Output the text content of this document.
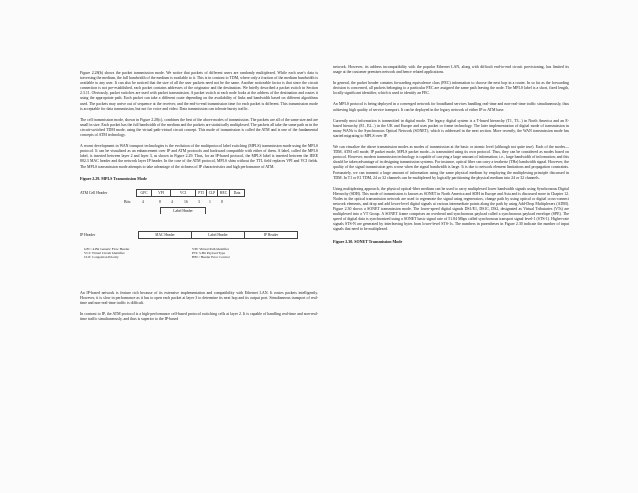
Figure 2.28(b) shows the packet transmission mode. We notice that packets of different users are randomly multiplexed. While each user's data is traversing the medium, the full bandwidth of the medium is available to it. This is in contrast to TDM, where only a fraction of the medium bandwidth is available to any user. It can also be noticed that the size of all the user packets need not be the same. Another noticeable factor is that since the circuit connection is not pre-established, each packet contains addresses of the originator and the destination. We briefly described a packet switch in Section 2.3.11. Obviously, packet switches are used with packet transmission. A packet switch at each node looks at the address of the destination and routes it using the appropriate path. Each packet can take a different route depending on the availability of links and bandwidth based on different algorithms used. The packets may arrive out of sequence at the receiver, and the end-to-end transmission time for each packet is different. This transmission mode is acceptable for data transmission, but not for voice and video. Data transmission can tolerate bursty traffic.

The cell transmission mode, shown in Figure 2.28(c), combines the best of the above modes of transmission. The packets are all of the same size and are small in size. Each packet has the full bandwidth of the medium and the packets are statistically multiplexed. The packets all take the same path as in the circuit-switched TDM mode, using the virtual path-virtual circuit concept. This mode of transmission is called the ATM and is one of the fundamental concepts of ATM technology.

A recent development in WAN transport technologies is the evolution of the multiprotocol label switching (MPLS) transmission mode using the MPLS protocol. It can be visualized as an enhancement over IP and ATM protocols and backward compatible with either of them. A label, called the MPLS label, is inserted between layer 2 and layer 3, as shown in Figure 2.29. Thus, for an IP-based protocol, the MPLS label is inserted between the IEEE 802.3 MAC header and the network layer IP header. In the case of the ATM protocol, MPLS shim without the TTL field replaces VPI and VCI fields. The MPLS transmission mode attempts to take advantage of the richness of IP characteristics and high performance of ATM.

Figure 2.29. MPLS Transmission Mode
ATM Cell Header	GFC	VPI	VCI	PTI	CLP	HEC	Data
Bits:	4	8	4	16	3 1	8
Label Header
IP Header	MAC Header	Label Header	IP Header
GFC: 4-Bit Generic Flow Header
VCI: Virtual Circuit Identifier
CLP: Congestion Priority
VPI: Virtual Path Identifier
PTI: 3-Bit Payload Type
HEC: Header Error Control

An IP-based network is feature rich because of its extensive implementation and compatibility with Ethernet LAN. It routes packets intelligently. However, it is slow in performance as it has to open each packet at layer 3 to determine its next hop and its output port. Simultaneous transport of real-time and non-real-time traffic is difficult.

In contrast to IP, the ATM protocol is a high-performance cell-based protocol switching cells at layer 2. It is capable of handling real-time and non-real-time traffic simultaneously, and thus is superior to the IP-based

network. However, its address incompatibility with the popular Ethernet LAN, along with difficult end-to-end circuit provisioning, has limited its usage at the customer premises network and hence related applications.

In general, the packet header contains forwarding equivalence class (FEC) information to choose the next hop in a router. In so far as the forwarding decision is concerned, all packets belonging to a particular FEC are assigned the same path leaving the node. The MPLS label is a short, fixed length, locally significant identifier, which is used to identify an FEC.

An MPLS protocol is being deployed in a converged network for broadband services handling real-time and non-real-time traffic simultaneously, thus achieving high quality of service transport. It can be deployed in the legacy network of either IP or ATM base.

Currently most information is transmitted in digital mode. The legacy digital system is a T-based hierarchy (T1, T3...) in North America and an E-based hierarchy (E1, E2...) in the UK and Europe and uses packet or frame technology. The later implementation of digital mode of transmission in many WANs is the Synchronous Optical Network (SONET), which is addressed in the next section. More recently, the WAN transmission mode has started migrating to MPLS over IP.

We can visualize the above transmission modes as modes of transmission at the basic or atomic level (although not quite true). Each of the modes—TDM, ATM cell mode, IP packet mode, MPLS packet mode—is transmitted using its own protocol. Thus, they can be considered as modes based on protocol. However, modern transmission technology is capable of carrying a large amount of information; i.e., large bandwidth of information; and this should be taken advantage of in designing transmission systems. For instance, optical fiber can carry a terahertz (THz) bandwidth signal. However, the quality of the signal transmission gets worse when the signal bandwidth is large. It is due to network element limitations and propagation constraints. Fortunately, we can transmit a large amount of information using the same physical medium by employing the multiplexing principle discussed in TDM. In T1 or E1 TDM, 24 or 32 channels can be multiplexed by logically partitioning the physical medium into 24 or 32 channels.

Using multiplexing approach, the physical optical-fiber medium can be used to carry multiplexed lower bandwidth signals using Synchronous Digital Hierarchy (SDH). This mode of transmission is known as SONET in North America and SDH in Europe and Asia and is discussed more in Chapter 12. Nodes in the optical transmission network are used to regenerate the signal using regenerators, change path by using optical or digital cross-connect network elements, and drop and add lower-level digital signals at various intermediate points along the path by using Add-Drop Multiplexers (ADM). Figure 2.30 shows a SONET transmission mode. The lower-speed digital signals DS1/E1, DS1C, DS2, designated as Virtual Tributaries (VTs) are multiplexed into a VT Group. A SONET frame comprises an overhead and synchronous payload called a synchronous payload envelope (SPE). The speed of digital data is synchronized using a SONET basic signal rate of 51.84 Mbps called synchronous transport signal level-1 (STS-1). Higher-rate signals STS-N are generated by interleaving bytes from lower-level STS-1s. The numbers in parentheses in Figure 2.30 indicate the number of input signals that need to be multiplexed.

Figure 2.30. SONET Transmission Mode
